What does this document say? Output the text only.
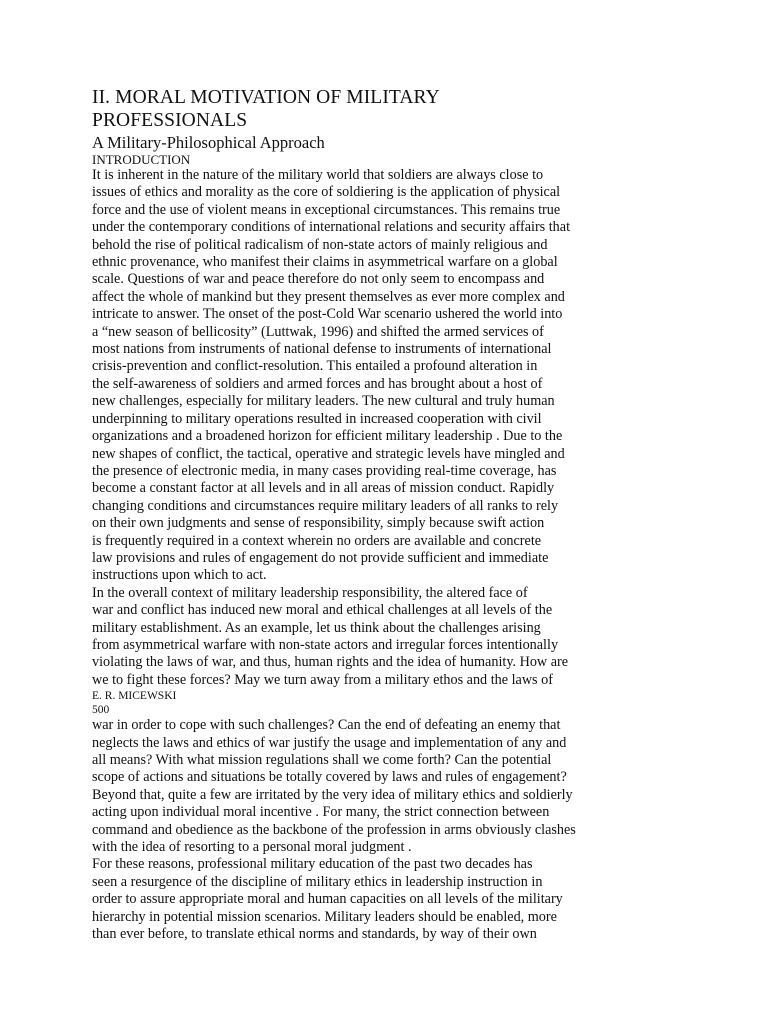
II. MORAL MOTIVATION OF MILITARY
PROFESSIONALS
A Military-Philosophical Approach
INTRODUCTION
It is inherent in the nature of the military world that soldiers are always close to
issues of ethics and morality as the core of soldiering is the application of physical
force and the use of violent means in exceptional circumstances. This remains true
under the contemporary conditions of international relations and security affairs that
behold the rise of political radicalism of non-state actors of mainly religious and
ethnic provenance, who manifest their claims in asymmetrical warfare on a global
scale. Questions of war and peace therefore do not only seem to encompass and
affect the whole of mankind but they present themselves as ever more complex and
intricate to answer. The onset of the post-Cold War scenario ushered the world into
a “new season of bellicosity” (Luttwak, 1996) and shifted the armed services of
most nations from instruments of national defense to instruments of international
crisis-prevention and conflict-resolution. This entailed a profound alteration in
the self-awareness of soldiers and armed forces and has brought about a host of
new challenges, especially for military leaders. The new cultural and truly human
underpinning to military operations resulted in increased cooperation with civil
organizations and a broadened horizon for efficient military leadership . Due to the
new shapes of conflict, the tactical, operative and strategic levels have mingled and
the presence of electronic media, in many cases providing real-time coverage, has
become a constant factor at all levels and in all areas of mission conduct. Rapidly
changing conditions and circumstances require military leaders of all ranks to rely
on their own judgments and sense of responsibility, simply because swift action
is frequently required in a context wherein no orders are available and concrete
law provisions and rules of engagement do not provide sufficient and immediate
instructions upon which to act.
In the overall context of military leadership responsibility, the altered face of
war and conflict has induced new moral and ethical challenges at all levels of the
military establishment. As an example, let us think about the challenges arising
from asymmetrical warfare with non-state actors and irregular forces intentionally
violating the laws of war, and thus, human rights and the idea of humanity. How are
we to fight these forces? May we turn away from a military ethos and the laws of
E. R. MICEWSKI
500
war in order to cope with such challenges? Can the end of defeating an enemy that
neglects the laws and ethics of war justify the usage and implementation of any and
all means? With what mission regulations shall we come forth? Can the potential
scope of actions and situations be totally covered by laws and rules of engagement?
Beyond that, quite a few are irritated by the very idea of military ethics and soldierly
acting upon individual moral incentive . For many, the strict connection between
command and obedience as the backbone of the profession in arms obviously clashes
with the idea of resorting to a personal moral judgment .
For these reasons, professional military education of the past two decades has
seen a resurgence of the discipline of military ethics in leadership instruction in
order to assure appropriate moral and human capacities on all levels of the military
hierarchy in potential mission scenarios. Military leaders should be enabled, more
than ever before, to translate ethical norms and standards, by way of their own
